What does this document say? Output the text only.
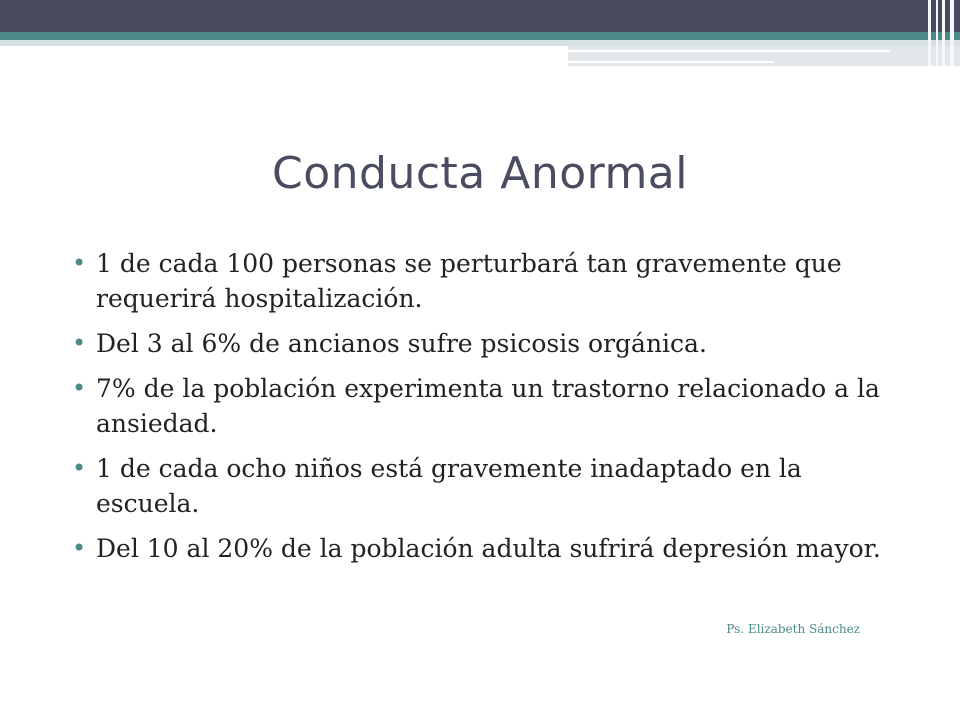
Conducta Anormal
• 1 de cada 100 personas se perturbará tan gravemente que requerirá hospitalización.
• Del 3 al 6% de ancianos sufre psicosis orgánica.
• 7% de la población experimenta un trastorno relacionado a la ansiedad.
• 1 de cada ocho niños está gravemente inadaptado en la escuela.
• Del 10 al 20% de la población adulta sufrirá depresión mayor.
Ps. Elizabeth Sánchez
